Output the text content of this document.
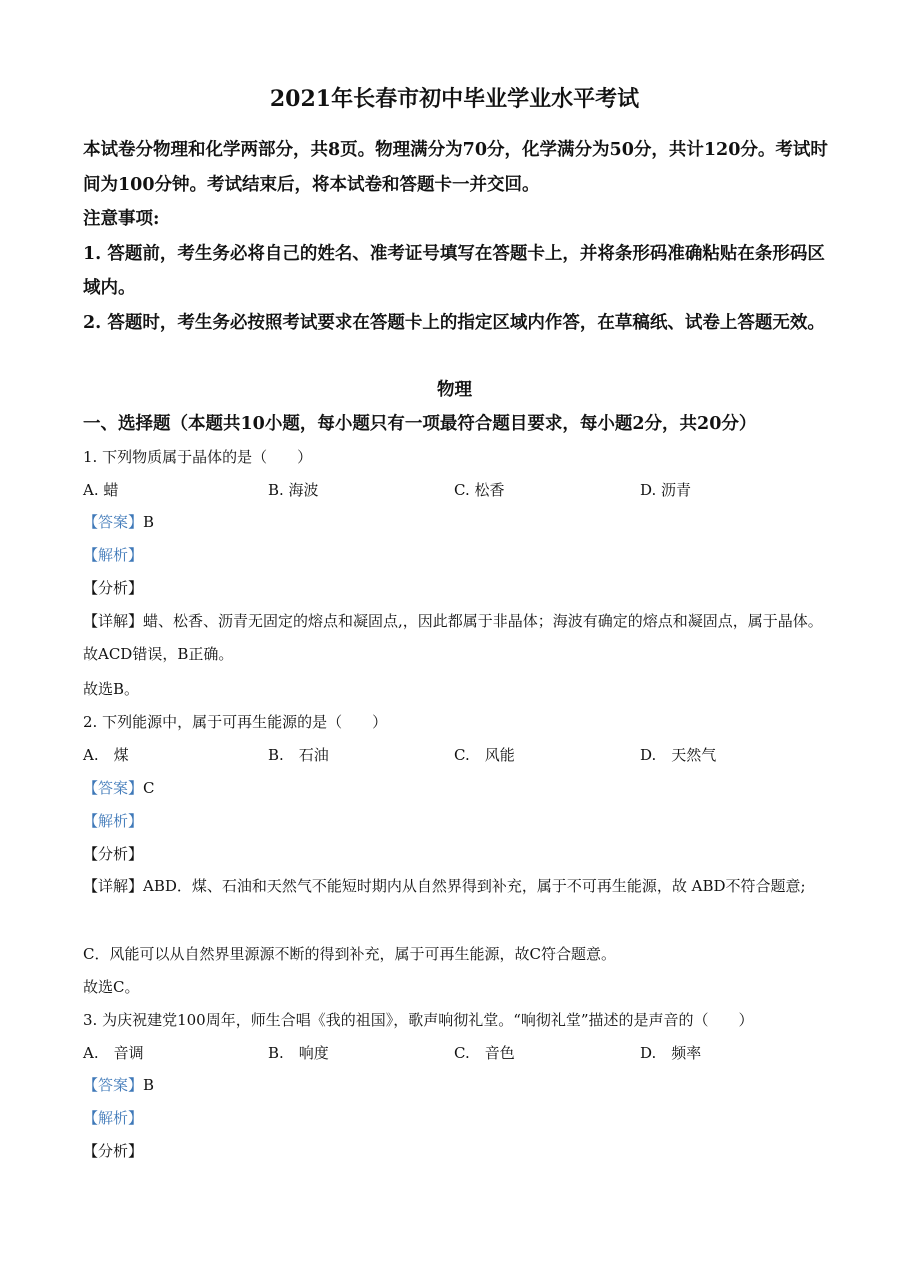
2021年长春市初中毕业学业水平考试

本试卷分物理和化学两部分，共8页。物理满分为70分，化学满分为50分，共计120分。考试时间为100分钟。考试结束后，将本试卷和答题卡一并交回。

注意事项:

1. 答题前，考生务必将自己的姓名、准考证号填写在答题卡上，并将条形码准确粘贴在条形码区域内。

2. 答题时，考生务必按照考试要求在答题卡上的指定区域内作答，在草稿纸、试卷上答题无效。

物理
一、选择题（本题共10小题，每小题只有一项最符合题目要求，每小题2分，共20分）
1. 下列物质属于晶体的是（　　）
A. 蜡	B. 海波	C. 松香	D. 沥青
【答案】B
【解析】
【分析】
【详解】蜡、松香、沥青无固定的熔点和凝固点,，因此都属于非晶体；海波有确定的熔点和凝固点，属于晶体。故ACD错误，B正确。
故选B。
2. 下列能源中，属于可再生能源的是（　　）
A.　煤	B.　石油	C.　风能	D.　天然气
【答案】C
【解析】
【分析】
【详解】ABD．煤、石油和天然气不能短时期内从自然界得到补充，属于不可再生能源，故 ABD不符合题意;
C．风能可以从自然界里源源不断的得到补充，属于可再生能源，故C符合题意。
故选C。
3. 为庆祝建党100周年，师生合唱《我的祖国》，歌声响彻礼堂。“响彻礼堂”描述的是声音的（　　）
A.　音调	B.　响度	C.　音色	D.　频率
【答案】B
【解析】
【分析】
